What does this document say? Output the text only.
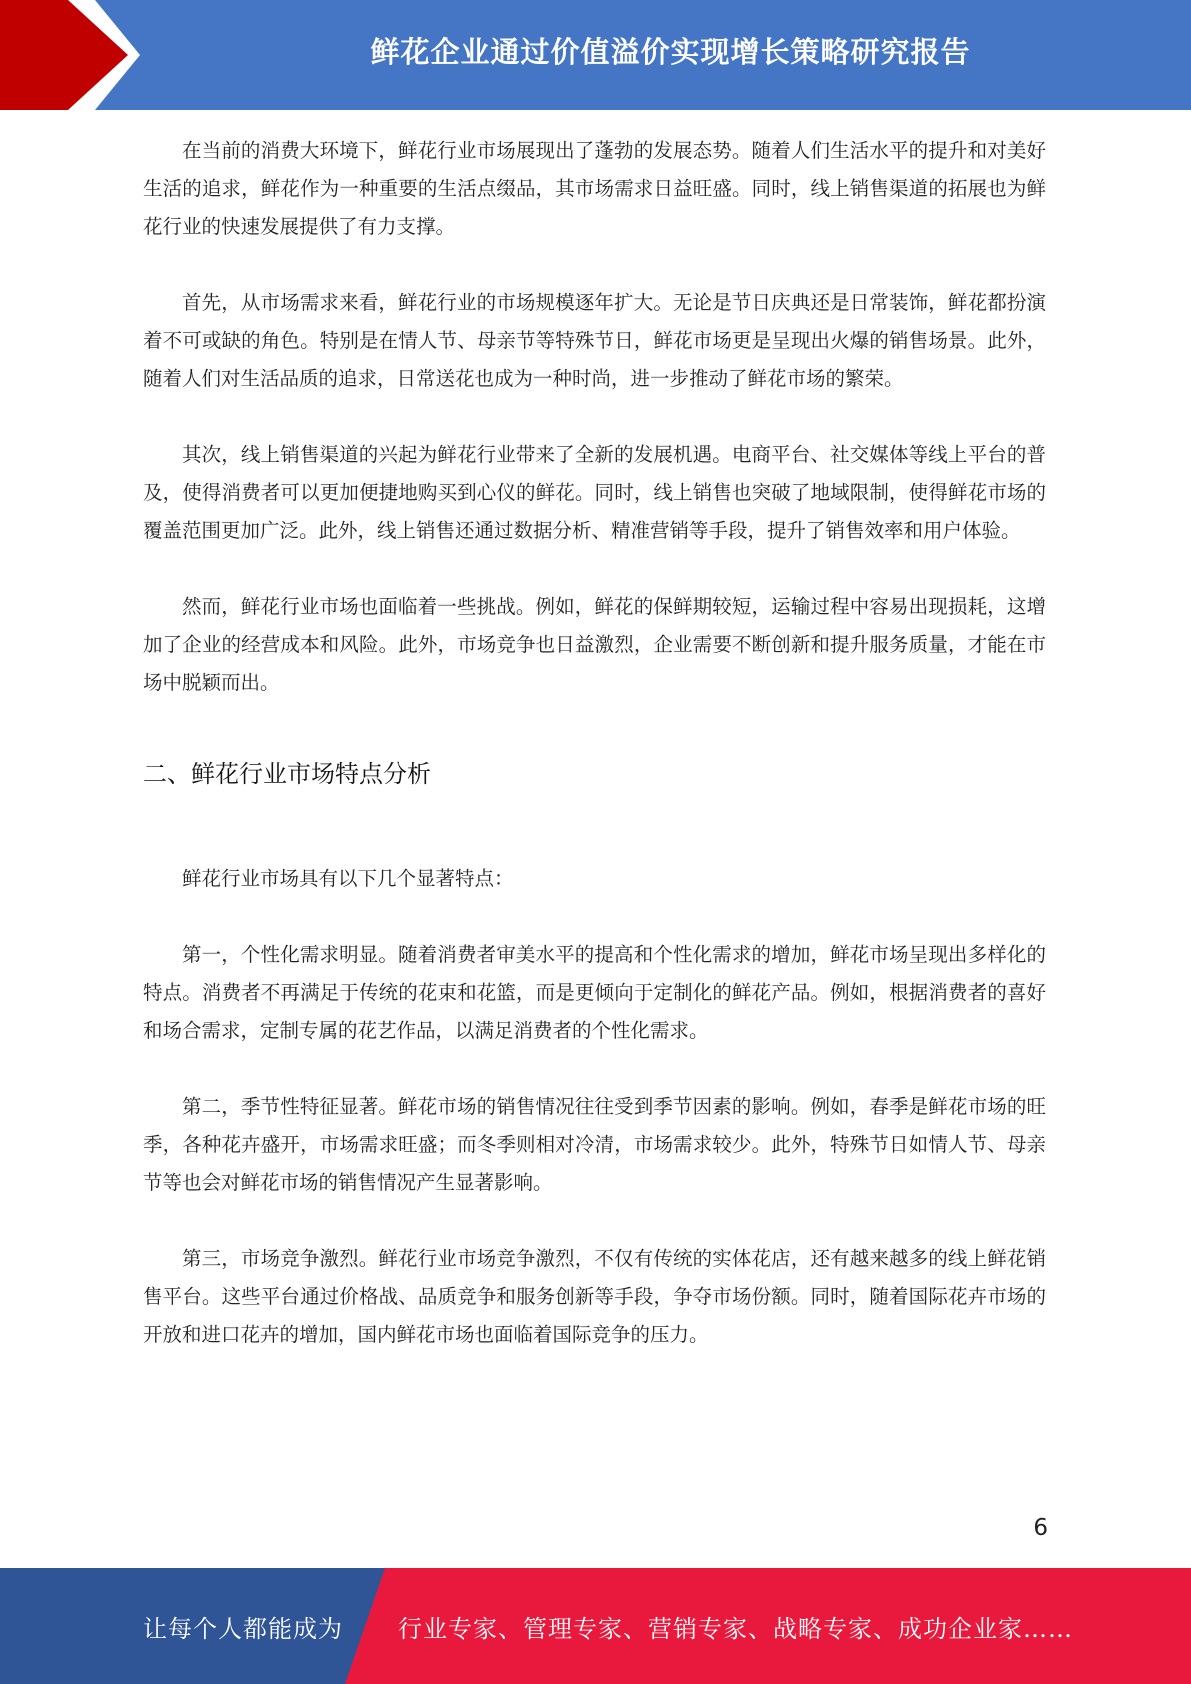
鲜花企业通过价值溢价实现增长策略研究报告

在当前的消费大环境下，鲜花行业市场展现出了蓬勃的发展态势。随着人们生活水平的提升和对美好生活的追求，鲜花作为一种重要的生活点缀品，其市场需求日益旺盛。同时，线上销售渠道的拓展也为鲜花行业的快速发展提供了有力支撑。

首先，从市场需求来看，鲜花行业的市场规模逐年扩大。无论是节日庆典还是日常装饰，鲜花都扮演着不可或缺的角色。特别是在情人节、母亲节等特殊节日，鲜花市场更是呈现出火爆的销售场景。此外，随着人们对生活品质的追求，日常送花也成为一种时尚，进一步推动了鲜花市场的繁荣。

其次，线上销售渠道的兴起为鲜花行业带来了全新的发展机遇。电商平台、社交媒体等线上平台的普及，使得消费者可以更加便捷地购买到心仪的鲜花。同时，线上销售也突破了地域限制，使得鲜花市场的覆盖范围更加广泛。此外，线上销售还通过数据分析、精准营销等手段，提升了销售效率和用户体验。

然而，鲜花行业市场也面临着一些挑战。例如，鲜花的保鲜期较短，运输过程中容易出现损耗，这增加了企业的经营成本和风险。此外，市场竞争也日益激烈，企业需要不断创新和提升服务质量，才能在市场中脱颖而出。

二、鲜花行业市场特点分析

鲜花行业市场具有以下几个显著特点：

第一，个性化需求明显。随着消费者审美水平的提高和个性化需求的增加，鲜花市场呈现出多样化的特点。消费者不再满足于传统的花束和花篮，而是更倾向于定制化的鲜花产品。例如，根据消费者的喜好和场合需求，定制专属的花艺作品，以满足消费者的个性化需求。

第二，季节性特征显著。鲜花市场的销售情况往往受到季节因素的影响。例如，春季是鲜花市场的旺季，各种花卉盛开，市场需求旺盛；而冬季则相对冷清，市场需求较少。此外，特殊节日如情人节、母亲节等也会对鲜花市场的销售情况产生显著影响。

第三，市场竞争激烈。鲜花行业市场竞争激烈，不仅有传统的实体花店，还有越来越多的线上鲜花销售平台。这些平台通过价格战、品质竞争和服务创新等手段，争夺市场份额。同时，随着国际花卉市场的开放和进口花卉的增加，国内鲜花市场也面临着国际竞争的压力。

6
让每个人都能成为 行业专家、管理专家、营销专家、战略专家、成功企业家……
